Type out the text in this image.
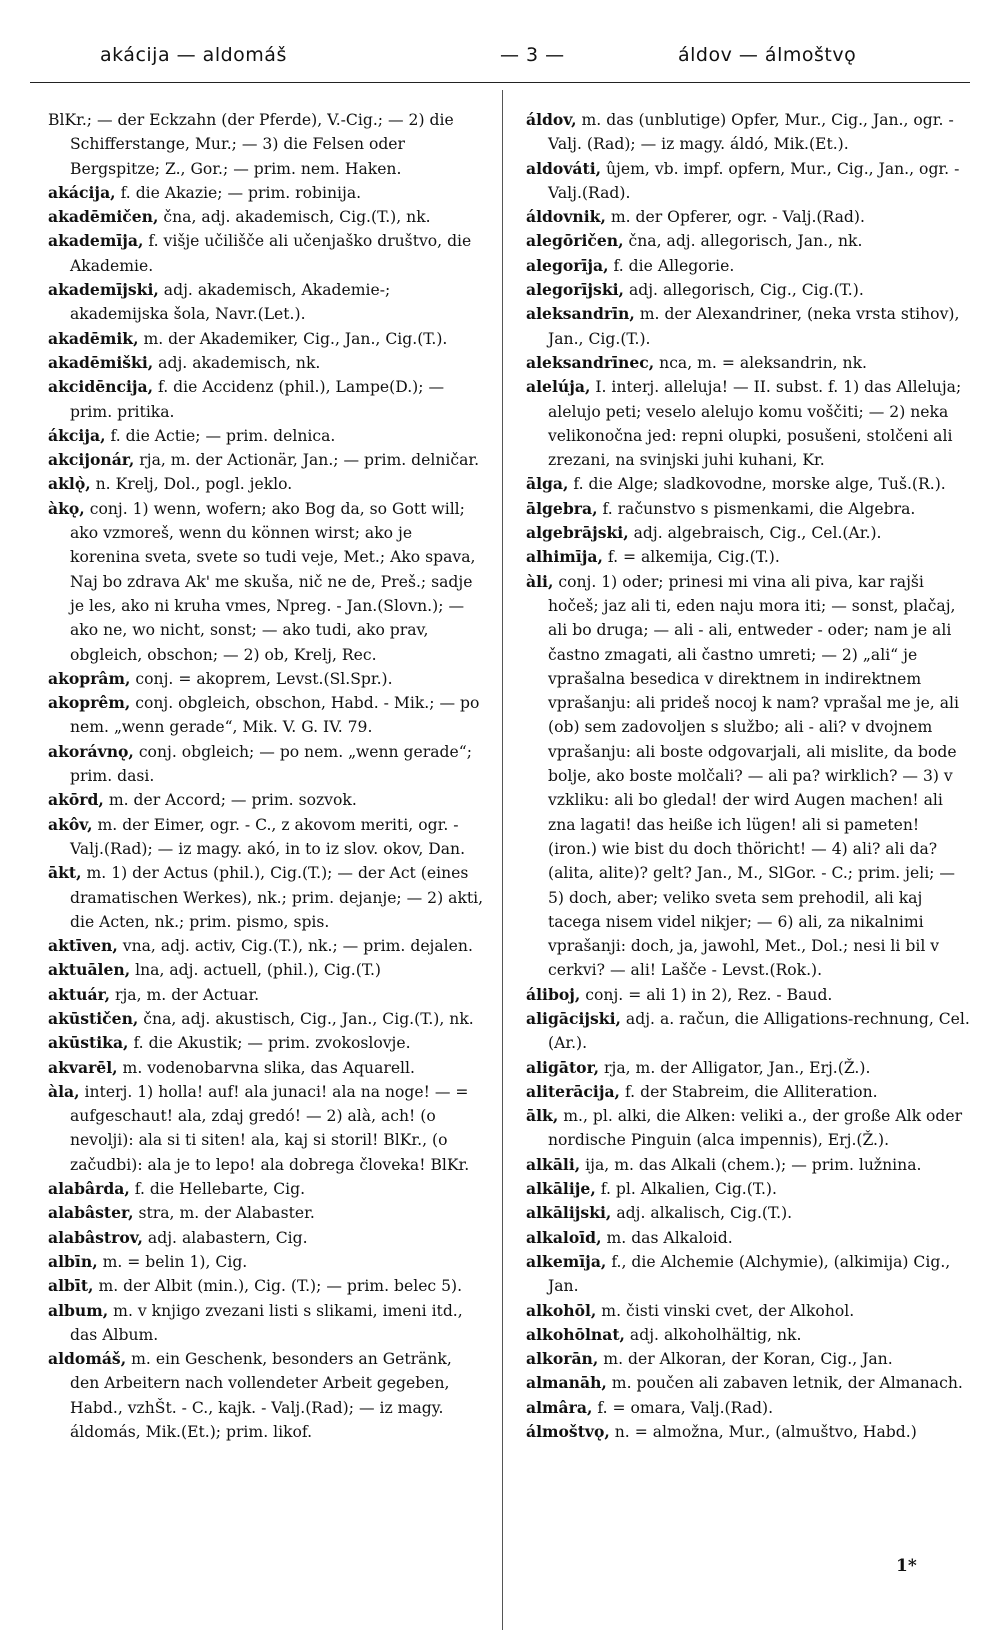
akácija — aldomáš	— 3 —	áldov — álmoštvǫ

BlKr.; — der Eckzahn (der Pferde), V.-Cig.; — 2) die Schifferstange, Mur.; — 3) die Felsen oder Bergspitze; Z., Gor.; — prim. nem. Haken.

akácija, f. die Akazie; — prim. robinija.

akadēmičen, čna, adj. akademisch, Cig.(T.), nk.

akademīja, f. višje učilišče ali učenjaško društvo, die Akademie.

akademījski, adj. akademisch, Akademie-; akademijska šola, Navr.(Let.).

akadēmik, m. der Akademiker, Cig., Jan., Cig.(T.).

akadēmiški, adj. akademisch, nk.

akcidēncija, f. die Accidenz (phil.), Lampe(D.); — prim. pritika.

ákcija, f. die Actie; — prim. delnica.

akcijonár, rja, m. der Actionär, Jan.; — prim. delničar.

aklǫ̀, n. Krelj, Dol., pogl. jeklo.

àkǫ, conj. 1) wenn, wofern; ako Bog da, so Gott will; ako vzmoreš, wenn du können wirst; ako je korenina sveta, svete so tudi veje, Met.; Ako spava, Naj bo zdrava Ak' me skuša, nič ne de, Preš.; sadje je les, ako ni kruha vmes, Npreg. - Jan.(Slovn.); — ako ne, wo nicht, sonst; — ako tudi, ako prav, obgleich, obschon; — 2) ob, Krelj, Rec.

akoprâm, conj. = akoprem, Levst.(Sl.Spr.).

akoprêm, conj. obgleich, obschon, Habd. - Mik.; — po nem. „wenn gerade“, Mik. V. G. IV. 79.

akorávnǫ, conj. obgleich; — po nem. „wenn gerade“; prim. dasi.

akōrd, m. der Accord; — prim. sozvok.

akôv, m. der Eimer, ogr. - C., z akovom meriti, ogr. - Valj.(Rad); — iz magy. akó, in to iz slov. okov, Dan.

ākt, m. 1) der Actus (phil.), Cig.(T.); — der Act (eines dramatischen Werkes), nk.; prim. dejanje; — 2) akti, die Acten, nk.; prim. pismo, spis.

aktīven, vna, adj. activ, Cig.(T.), nk.; — prim. dejalen.

aktuālen, lna, adj. actuell, (phil.), Cig.(T.)

aktuár, rja, m. der Actuar.

akūstičen, čna, adj. akustisch, Cig., Jan., Cig.(T.), nk.

akūstika, f. die Akustik; — prim. zvokoslovje.

akvarēl, m. vodenobarvna slika, das Aquarell.

àla, interj. 1) holla! auf! ala junaci! ala na noge! — = aufgeschaut! ala, zdaj gredó! — 2) alà, ach! (o nevolji): ala si ti siten! ala, kaj si storil! BlKr., (o začudbi): ala je to lepo! ala dobrega človeka! BlKr.

alabârda, f. die Hellebarte, Cig.

alabâster, stra, m. der Alabaster.

alabâstrov, adj. alabastern, Cig.

albīn, m. = belin 1), Cig.

albīt, m. der Albit (min.), Cig. (T.); — prim. belec 5).

album, m. v knjigo zvezani listi s slikami, imeni itd., das Album.

aldomáš, m. ein Geschenk, besonders an Getränk, den Arbeitern nach vollendeter Arbeit gegeben, Habd., vzhŠt. - C., kajk. - Valj.(Rad); — iz magy. áldomás, Mik.(Et.); prim. likof.

áldov, m. das (unblutige) Opfer, Mur., Cig., Jan., ogr. - Valj. (Rad); — iz magy. áldó, Mik.(Et.).

aldováti, ûjem, vb. impf. opfern, Mur., Cig., Jan., ogr. - Valj.(Rad).

áldovnik, m. der Opferer, ogr. - Valj.(Rad).

alegōričen, čna, adj. allegorisch, Jan., nk.

alegorīja, f. die Allegorie.

alegorījski, adj. allegorisch, Cig., Cig.(T.).

aleksandrīn, m. der Alexandriner, (neka vrsta stihov), Jan., Cig.(T.).

aleksandrīnec, nca, m. = aleksandrin, nk.

alelúja, I. interj. alleluja! — II. subst. f. 1) das Alleluja; alelujo peti; veselo alelujo komu voščiti; — 2) neka velikonočna jed: repni olupki, posušeni, stolčeni ali zrezani, na svinjski juhi kuhani, Kr.

ālga, f. die Alge; sladkovodne, morske alge, Tuš.(R.).

ālgebra, f. računstvo s pismenkami, die Algebra.

algebrājski, adj. algebraisch, Cig., Cel.(Ar.).

alhimīja, f. = alkemija, Cig.(T.).

àli, conj. 1) oder; prinesi mi vina ali piva, kar rajši hočeš; jaz ali ti, eden naju mora iti; — sonst, plačaj, ali bo druga; — ali - ali, entweder - oder; nam je ali častno zmagati, ali častno umreti; — 2) „ali“ je vprašalna besedica v direktnem in indirektnem vprašanju: ali prideš nocoj k nam? vprašal me je, ali (ob) sem zadovoljen s službo; ali - ali? v dvojnem vprašanju: ali boste odgovarjali, ali mislite, da bode bolje, ako boste molčali? — ali pa? wirklich? — 3) v vzkliku: ali bo gledal! der wird Augen machen! ali zna lagati! das heiße ich lügen! ali si pameten! (iron.) wie bist du doch thöricht! — 4) ali? ali da? (alita, alite)? gelt? Jan., M., SlGor. - C.; prim. jeli; — 5) doch, aber; veliko sveta sem prehodil, ali kaj tacega nisem videl nikjer; — 6) ali, za nikalnimi vprašanji: doch, ja, jawohl, Met., Dol.; nesi li bil v cerkvi? — ali! Lašče - Levst.(Rok.).

áliboj, conj. = ali 1) in 2), Rez. - Baud.

aligācijski, adj. a. račun, die Alligations-rechnung, Cel. (Ar.).

aligātor, rja, m. der Alligator, Jan., Erj.(Ž.).

aliterācija, f. der Stabreim, die Alliteration.

ālk, m., pl. alki, die Alken: veliki a., der große Alk oder nordische Pinguin (alca impennis), Erj.(Ž.).

alkāli, ija, m. das Alkali (chem.); — prim. lužnina.

alkālije, f. pl. Alkalien, Cig.(T.).

alkālijski, adj. alkalisch, Cig.(T.).

alkaloīd, m. das Alkaloid.

alkemīja, f., die Alchemie (Alchymie), (alkimija) Cig., Jan.

alkohōl, m. čisti vinski cvet, der Alkohol.

alkohōlnat, adj. alkoholhältig, nk.

alkorān, m. der Alkoran, der Koran, Cig., Jan.

almanāh, m. poučen ali zabaven letnik, der Almanach.

almâra, f. = omara, Valj.(Rad).

álmoštvǫ, n. = almožna, Mur., (almuštvo, Habd.)

1*
